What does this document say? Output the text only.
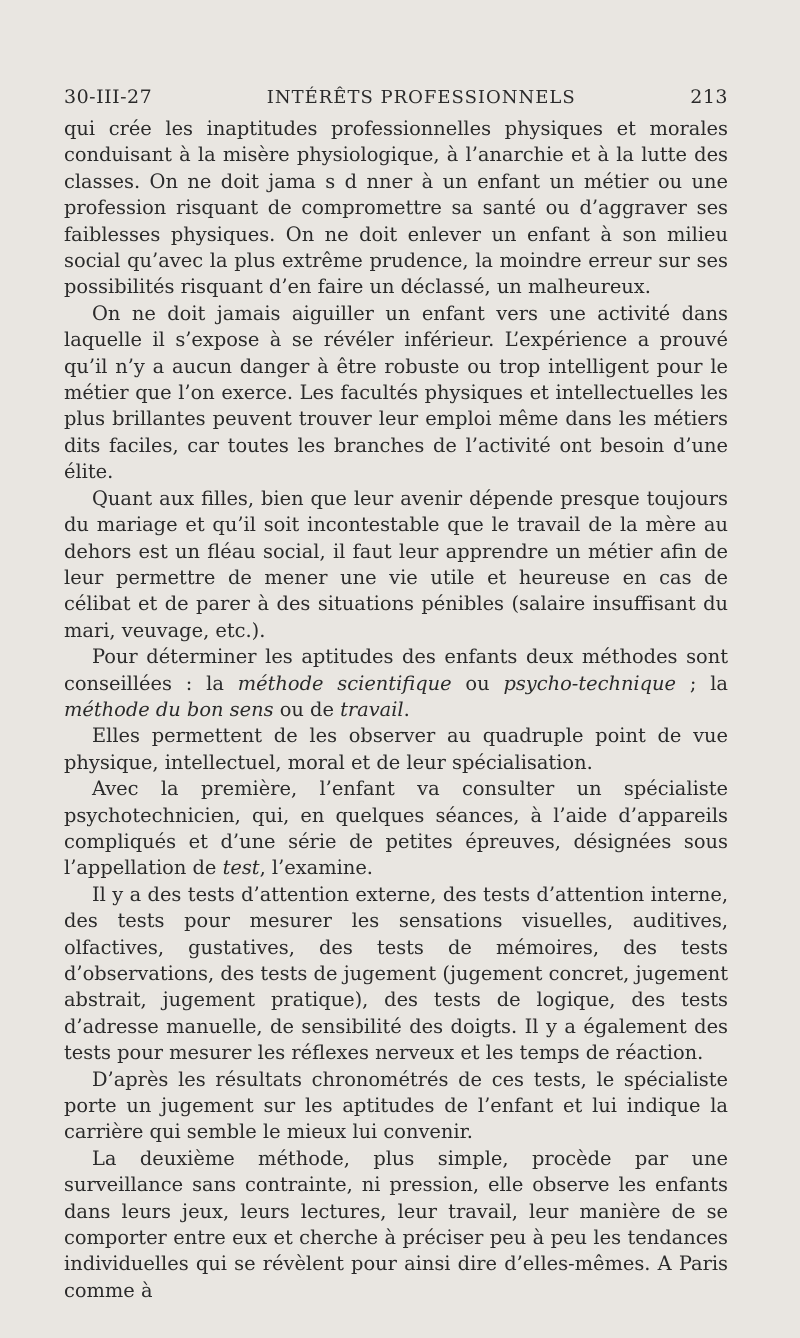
30-III-27	INTÉRÊTS PROFESSIONNELS	213

qui crée les inaptitudes professionnelles physiques et morales conduisant à la misère physiologique, à l’anarchie et à la lutte des classes. On ne doit jama s d nner à un enfant un métier ou une profession risquant de compromettre sa santé ou d’aggraver ses faiblesses physiques. On ne doit enlever un enfant à son milieu social qu’avec la plus extrême prudence, la moindre erreur sur ses possibilités risquant d’en faire un déclassé, un malheureux.

On ne doit jamais aiguiller un enfant vers une activité dans laquelle il s’expose à se révéler inférieur. L’expérience a prouvé qu’il n’y a aucun danger à être robuste ou trop intelligent pour le métier que l’on exerce. Les facultés physiques et intellectuelles les plus brillantes peuvent trouver leur emploi même dans les métiers dits faciles, car toutes les branches de l’activité ont besoin d’une élite.

Quant aux filles, bien que leur avenir dépende presque toujours du mariage et qu’il soit incontestable que le travail de la mère au dehors est un fléau social, il faut leur apprendre un métier afin de leur permettre de mener une vie utile et heureuse en cas de célibat et de parer à des situations pénibles (salaire insuffisant du mari, veuvage, etc.).

Pour déterminer les aptitudes des enfants deux méthodes sont conseillées : la méthode scientifique ou psycho-technique ; la méthode du bon sens ou de travail.

Elles permettent de les observer au quadruple point de vue physique, intellectuel, moral et de leur spécialisation.

Avec la première, l’enfant va consulter un spécialiste psychotechnicien, qui, en quelques séances, à l’aide d’appareils compliqués et d’une série de petites épreuves, désignées sous l’appellation de test, l’examine.

Il y a des tests d’attention externe, des tests d’attention interne, des tests pour mesurer les sensations visuelles, auditives, olfactives, gustatives, des tests de mémoires, des tests d’observations, des tests de jugement (jugement concret, jugement abstrait, jugement pratique), des tests de logique, des tests d’adresse manuelle, de sensibilité des doigts. Il y a également des tests pour mesurer les réflexes nerveux et les temps de réaction.

D’après les résultats chronométrés de ces tests, le spécialiste porte un jugement sur les aptitudes de l’enfant et lui indique la carrière qui semble le mieux lui convenir.

La deuxième méthode, plus simple, procède par une surveillance sans contrainte, ni pression, elle observe les enfants dans leurs jeux, leurs lectures, leur travail, leur manière de se comporter entre eux et cherche à préciser peu à peu les tendances individuelles qui se révèlent pour ainsi dire d’elles-mêmes. A Paris comme à
